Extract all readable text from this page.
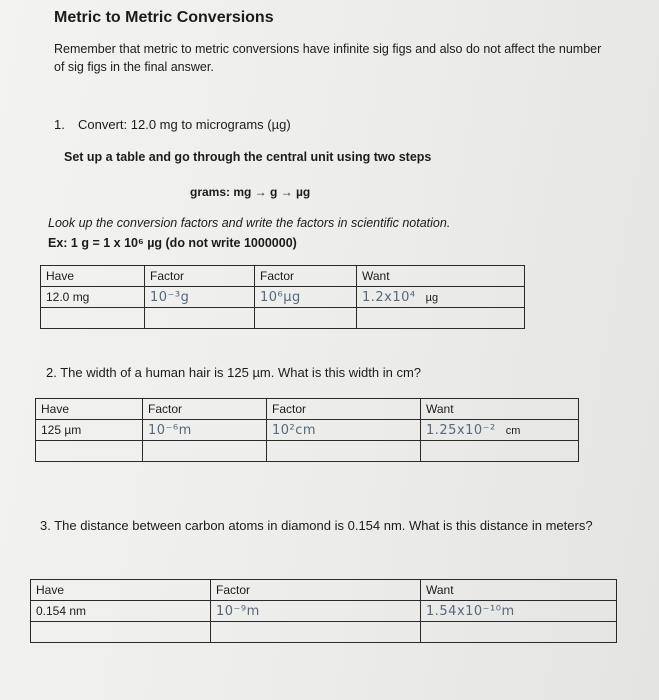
Metric to Metric Conversions
Remember that metric to metric conversions have infinite sig figs and also do not affect the number of sig figs in the final answer.
1. Convert: 12.0 mg to micrograms (µg)
Set up a table and go through the central unit using two steps
grams: mg → g → µg
Look up the conversion factors and write the factors in scientific notation.
Ex: 1 g = 1 x 10⁶ µg (do not write 1000000)
Have	Factor	Factor	Want
12.0 mg	10⁻³g	10⁶µg	1.2x10⁴ µg

2. The width of a human hair is 125 µm. What is this width in cm?
Have	Factor	Factor	Want
125 µm	10⁻⁶m	10²cm	1.25x10⁻² cm

3. The distance between carbon atoms in diamond is 0.154 nm. What is this distance in meters?
Have	Factor	Want
0.154 nm	10⁻⁹m	1.54x10⁻¹⁰m
